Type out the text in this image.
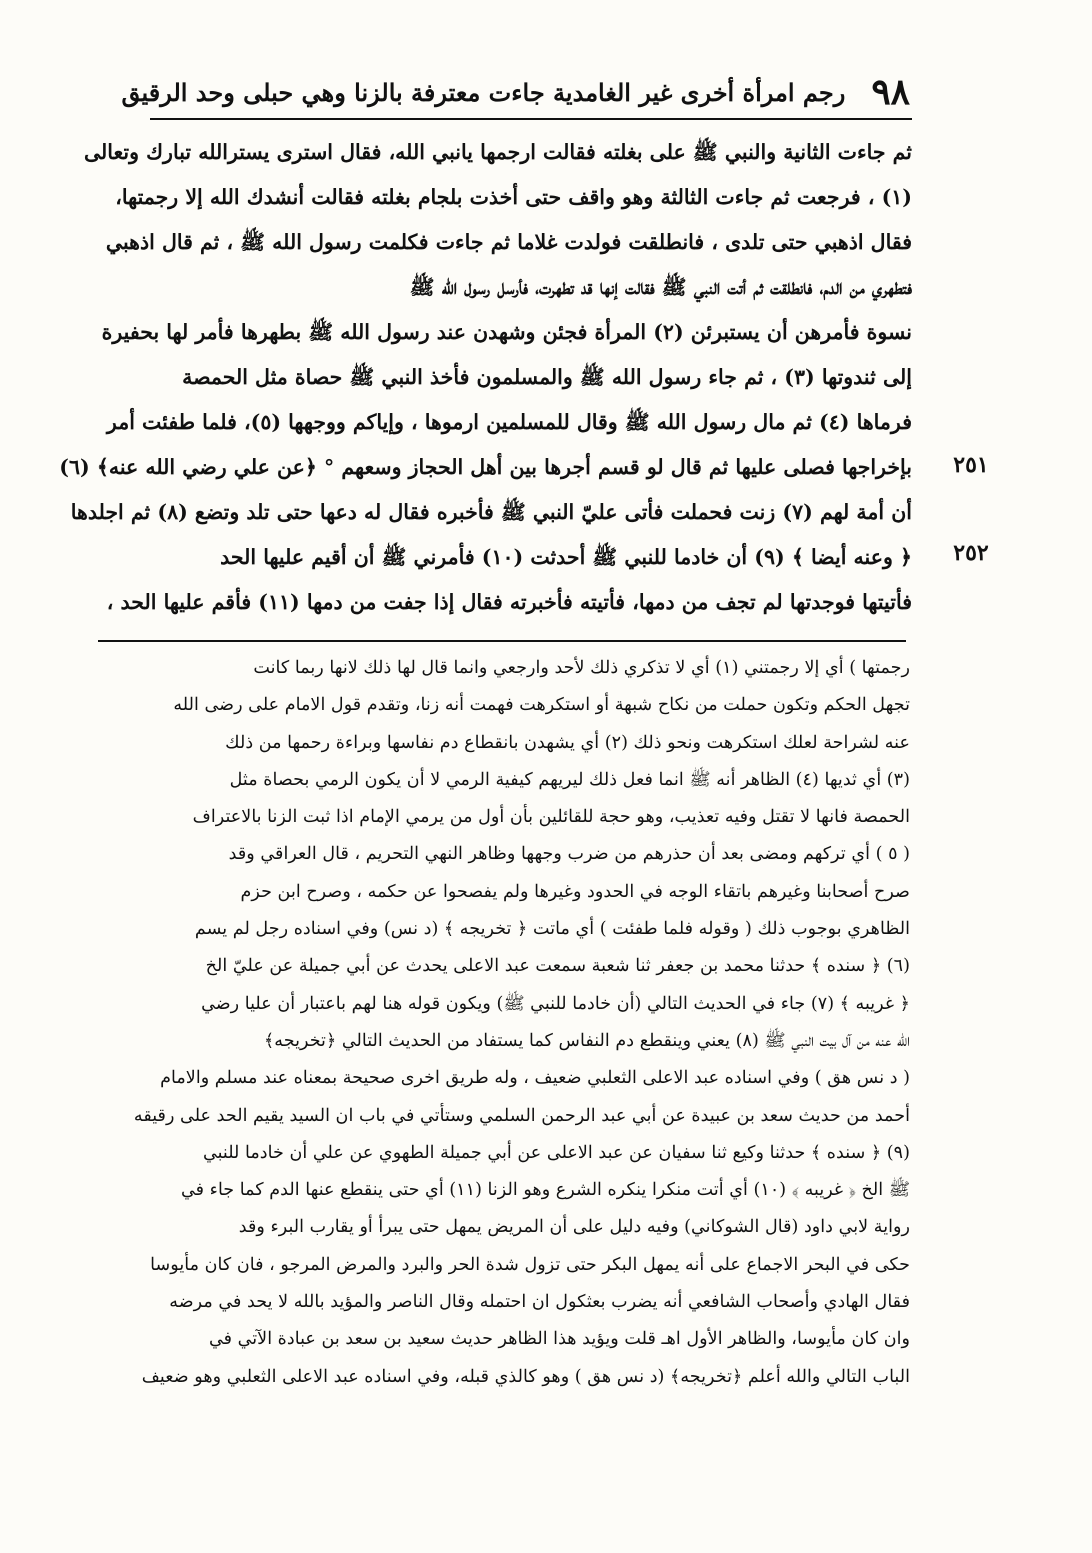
٩٨
رجم امرأة أخرى غير الغامدية جاءت معترفة بالزنا وهي حبلى وحد الرقيق
ثم جاءت الثانية والنبي ﷺ على بغلته فقالت ارجمها يانبي الله، فقال استرى يسترالله تبارك وتعالى
(١) ، فرجعت ثم جاءت الثالثة وهو واقف حتى أخذت بلجام بغلته فقالت أنشدك الله إلا رجمتها،
فقال اذهبي حتى تلدى ، فانطلقت فولدت غلاما ثم جاءت فكلمت رسول الله ﷺ ، ثم قال اذهبي
فتطهري من الدم، فانطلقت ثم أتت النبي ﷺ فقالت إنها قد تطهرت، فأرسل رسول الله ﷺ
نسوة فأمرهن أن يستبرئن (٢) المرأة فجئن وشهدن عند رسول الله ﷺ بطهرها فأمر لها بحفيرة
إلى ثندوتها (٣) ، ثم جاء رسول الله ﷺ والمسلمون فأخذ النبي ﷺ حصاة مثل الحمصة
فرماها (٤) ثم مال رسول الله ﷺ وقال للمسلمين ارموها ، وإياكم ووجهها (٥)، فلما طفئت أمر
بإخراجها فصلى عليها ثم قال لو قسم أجرها بين أهل الحجاز وسعهم ° ﴿عن علي رضي الله عنه﴾ (٦)
أن أمة لهم (٧) زنت فحملت فأتى عليّ النبي ﷺ فأخبره فقال له دعها حتى تلد وتضع (٨) ثم اجلدها
﴿ وعنه أيضا ﴾ (٩) أن خادما للنبي ﷺ أحدثت (١٠) فأمرني ﷺ أن أقيم عليها الحد
فأتيتها فوجدتها لم تجف من دمها، فأتيته فأخبرته فقال إذا جفت من دمها (١١) فأقم عليها الحد ،
٢٥١
٢٥٢
رجمتها ) أي إلا رجمتني (١) أي لا تذكري ذلك لأحد وارجعي وانما قال لها ذلك لانها ربما كانت
تجهل الحكم وتكون حملت من نكاح شبهة أو استكرهت فهمت أنه زنا، وتقدم قول الامام على رضى الله
عنه لشراحة لعلك استكرهت ونحو ذلك (٢) أي يشهدن بانقطاع دم نفاسها وبراءة رحمها من ذلك
(٣) أي ثديها (٤) الظاهر أنه ﷺ انما فعل ذلك ليريهم كيفية الرمي لا أن يكون الرمي بحصاة مثل
الحمصة فانها لا تقتل وفيه تعذيب، وهو حجة للقائلين بأن أول من يرمي الإمام اذا ثبت الزنا بالاعتراف
( ٥ ) أي تركهم ومضى بعد أن حذرهم من ضرب وجهها وظاهر النهي التحريم ، قال العراقي وقد
صرح أصحابنا وغيرهم باتقاء الوجه في الحدود وغيرها ولم يفصحوا عن حكمه ، وصرح ابن حزم
الظاهري بوجوب ذلك ( وقوله فلما طفئت ) أي ماتت ﴿ تخريجه ﴾ (د نس) وفي اسناده رجل لم يسم
(٦) ﴿ سنده ﴾ حدثنا محمد بن جعفر ثنا شعبة سمعت عبد الاعلى يحدث عن أبي جميلة عن عليّ الخ
﴿ غريبه ﴾ (٧) جاء في الحديث التالي (أن خادما للنبي ﷺ) ويكون قوله هنا لهم باعتبار أن عليا رضي
الله عنه من آل بيت النبي ﷺ (٨) يعني وينقطع دم النفاس كما يستفاد من الحديث التالي ﴿تخريجه﴾
( د نس هق ) وفي اسناده عبد الاعلى الثعلبي ضعيف ، وله طريق اخرى صحيحة بمعناه عند مسلم والامام
أحمد من حديث سعد بن عبيدة عن أبي عبد الرحمن السلمي وستأتي في باب ان السيد يقيم الحد على رقيقه
(٩) ﴿ سنده ﴾ حدثنا وكيع ثنا سفيان عن عبد الاعلى عن أبي جميلة الطهوي عن علي أن خادما للنبي
ﷺ الخ ﴿ غريبه ﴾ (١٠) أي أتت منكرا ينكره الشرع وهو الزنا (١١) أي حتى ينقطع عنها الدم كما جاء في
رواية لابي داود (قال الشوكاني) وفيه دليل على أن المريض يمهل حتى يبرأ أو يقارب البرء وقد
حكى في البحر الاجماع على أنه يمهل البكر حتى تزول شدة الحر والبرد والمرض المرجو ، فان كان مأيوسا
فقال الهادي وأصحاب الشافعي أنه يضرب بعثكول ان احتمله وقال الناصر والمؤيد بالله لا يحد في مرضه
وان كان مأيوسا، والظاهر الأول اهـ قلت ويؤيد هذا الظاهر حديث سعيد بن سعد بن عبادة الآتي في
الباب التالي والله أعلم ﴿تخريجه﴾ (د نس هق ) وهو كالذي قبله، وفي اسناده عبد الاعلى الثعلبي وهو ضعيف
